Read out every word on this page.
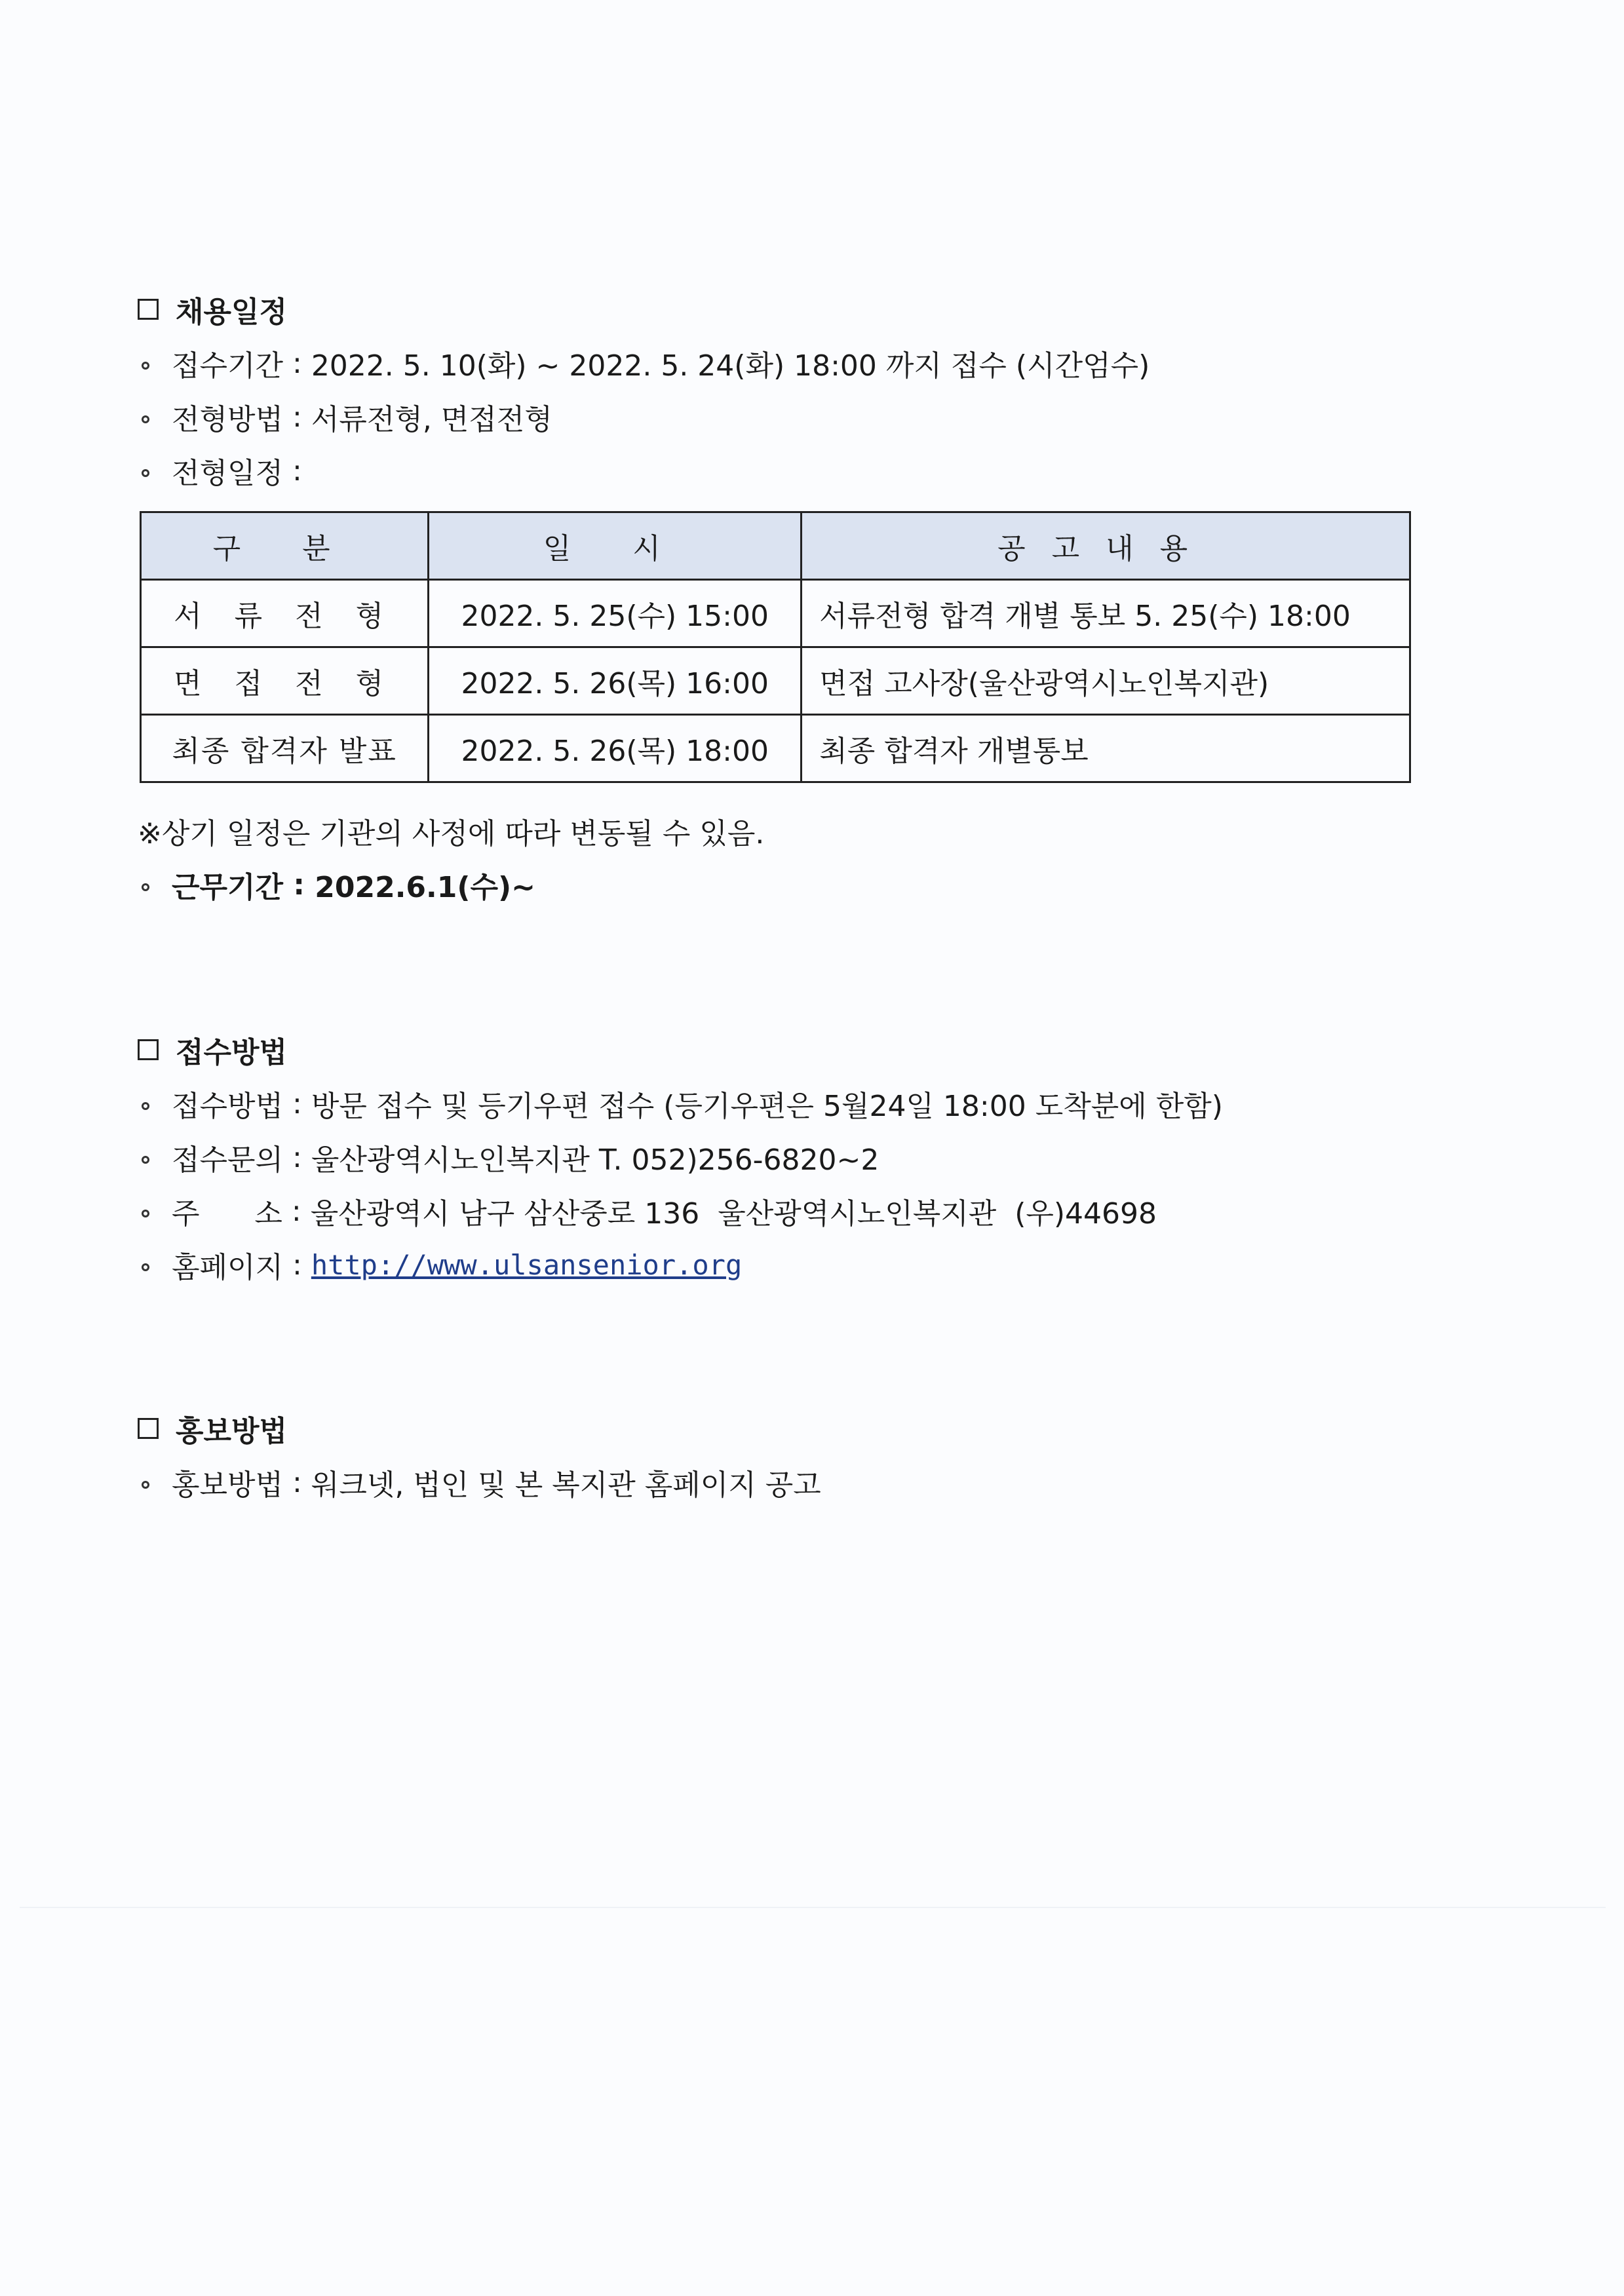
채용일정
접수기간 : 2022. 5. 10(화) ~ 2022. 5. 24(화) 18:00 까지 접수 (시간엄수)
전형방법 : 서류전형, 면접전형
전형일정 :
구 분	일 시	공고내용
서 류 전 형	2022. 5. 25(수) 15:00	서류전형 합격 개별 통보 5. 25(수) 18:00
면 접 전 형	2022. 5. 26(목) 16:00	면접 고사장(울산광역시노인복지관)
최종 합격자 발표	2022. 5. 26(목) 18:00	최종 합격자 개별통보
※상기 일정은 기관의 사정에 따라 변동될 수 있음.
근무기간 : 2022.6.1(수)~
접수방법
접수방법 : 방문 접수 및 등기우편 접수 (등기우편은 5월24일 18:00 도착분에 한함)
접수문의 : 울산광역시노인복지관 T. 052)256-6820~2
주      소 : 울산광역시 남구 삼산중로 136  울산광역시노인복지관  (우)44698
홈페이지 : http://www.ulsansenior.org
홍보방법
홍보방법 : 워크넷, 법인 및 본 복지관 홈페이지 공고
